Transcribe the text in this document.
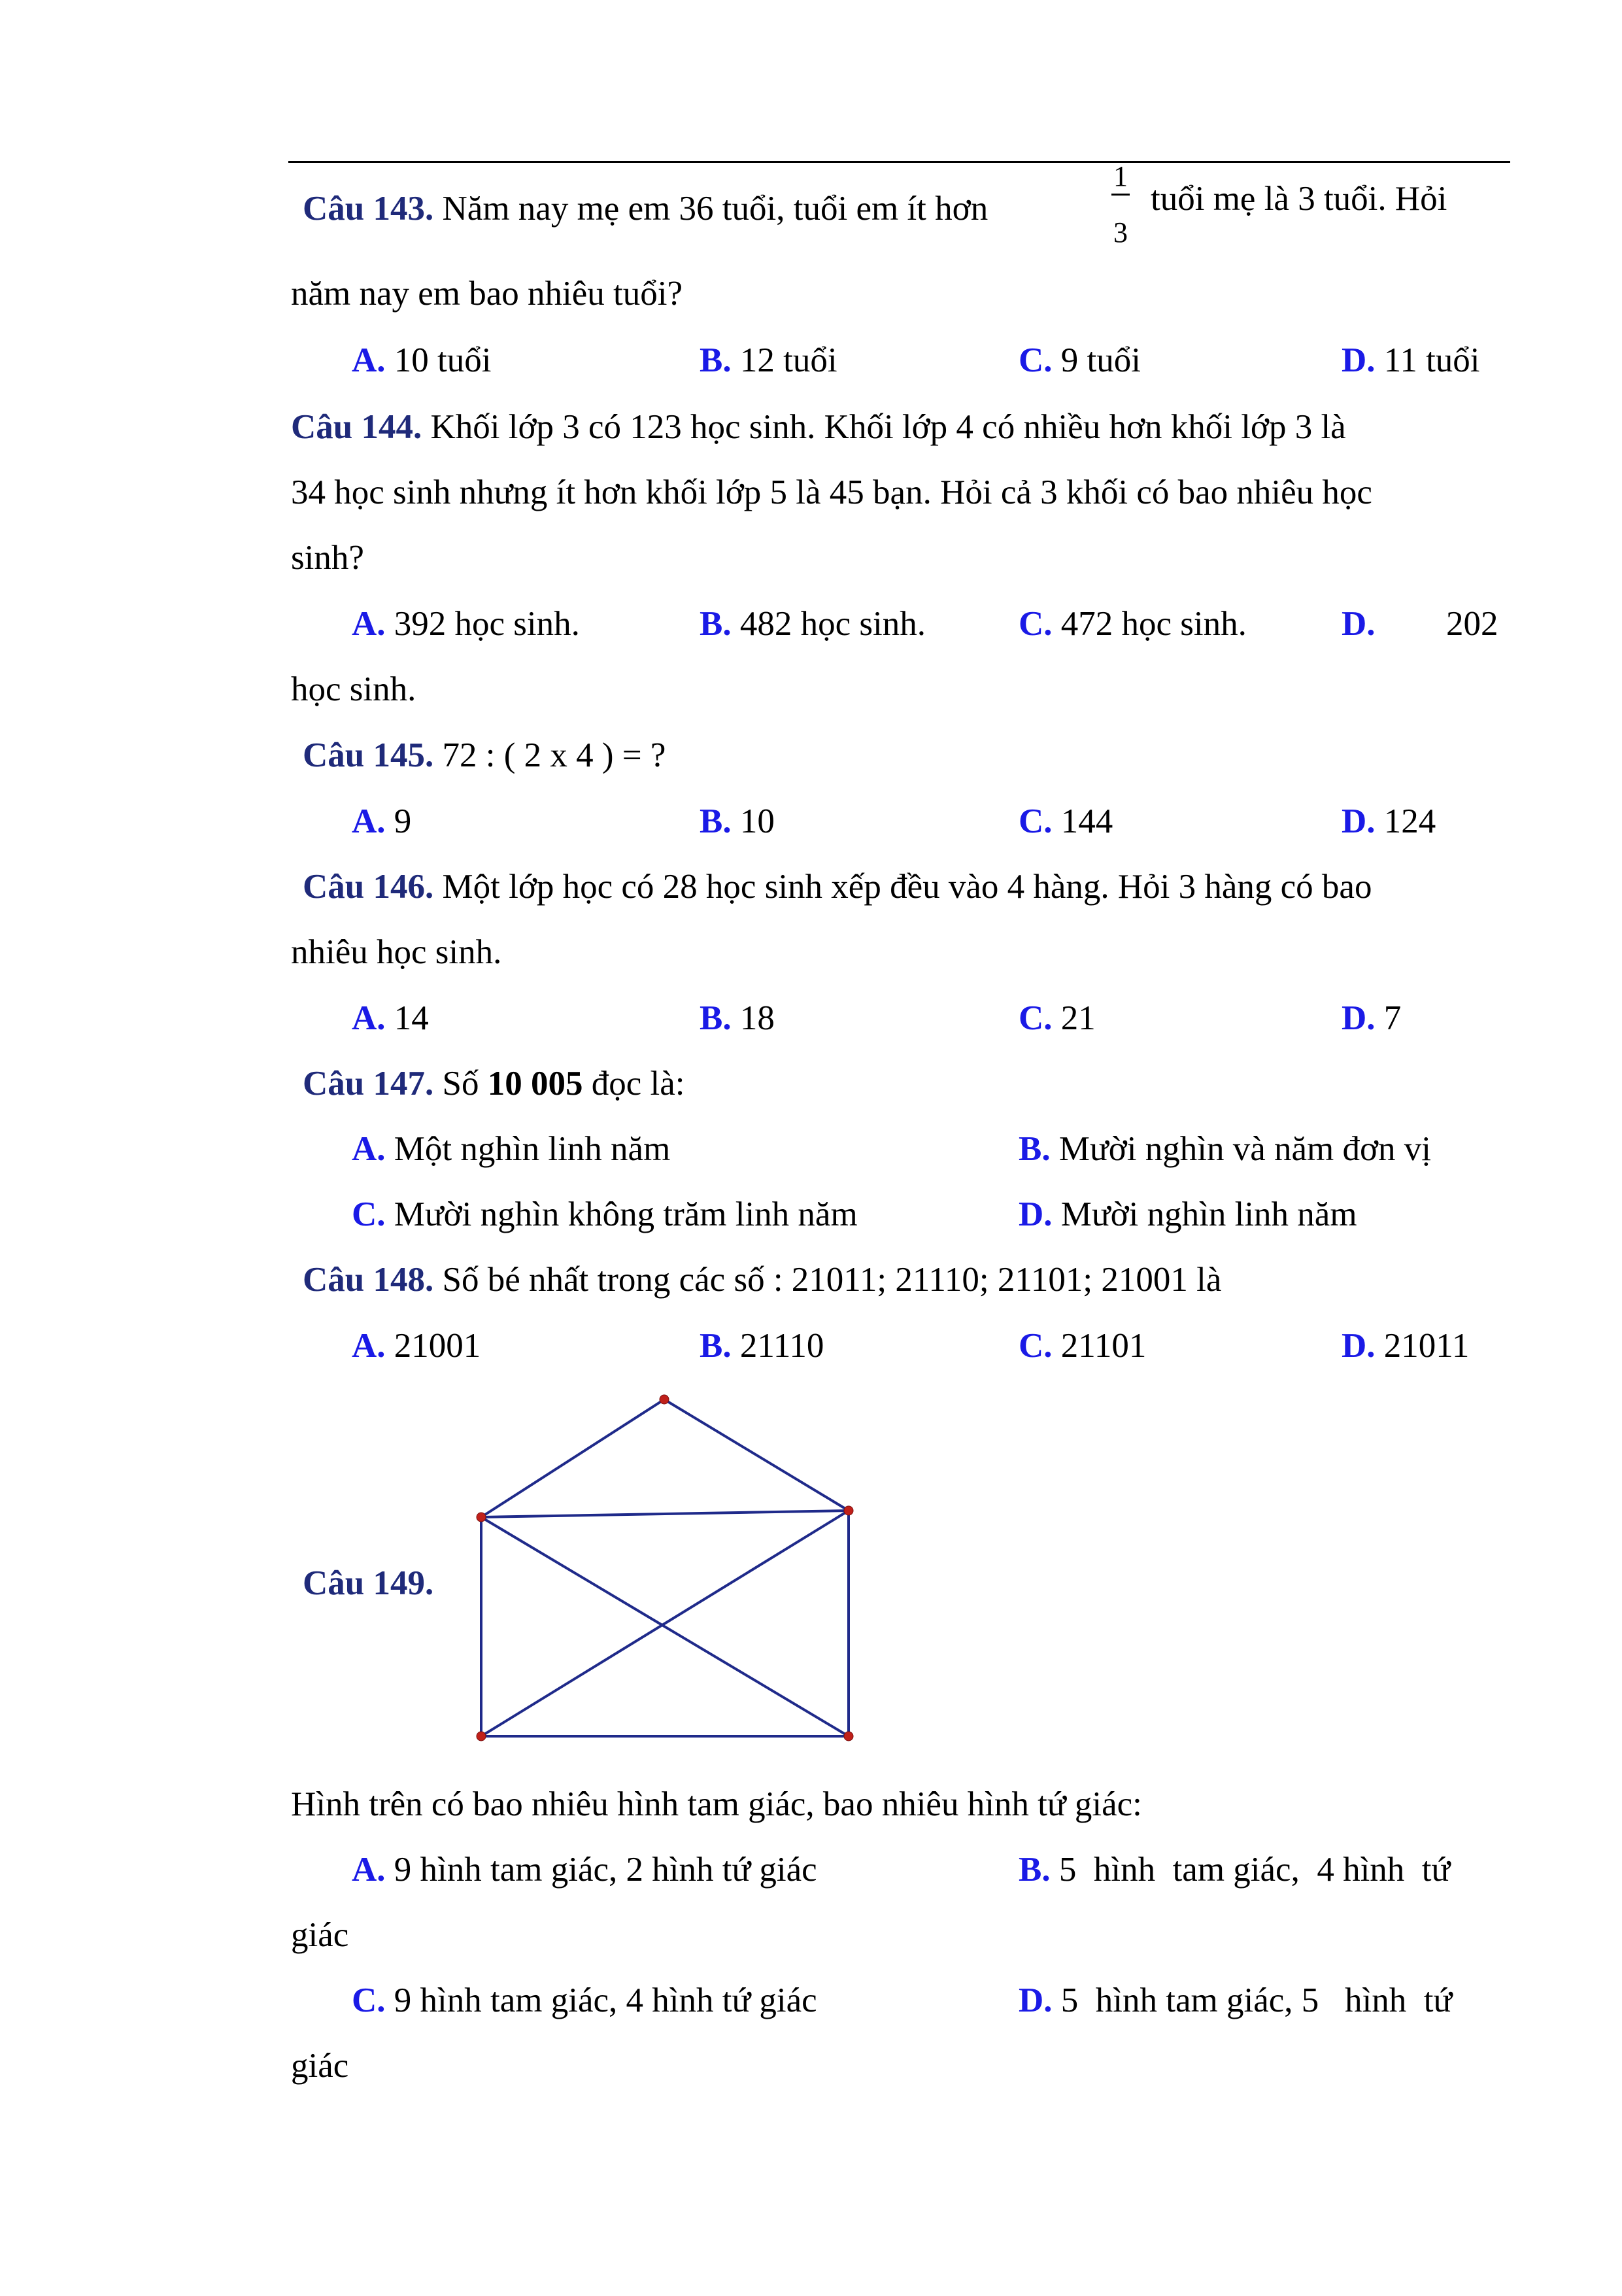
Câu 143. Năm nay mẹ em 36 tuổi, tuổi em ít hơn
1
3
tuổi mẹ là 3 tuổi. Hỏi
năm nay em bao nhiêu tuổi?
A. 10 tuổi	B. 12 tuổi	C. 9 tuổi	D. 11 tuổi
Câu 144. Khối lớp 3 có 123 học sinh. Khối lớp 4 có nhiều hơn khối lớp 3 là
34 học sinh nhưng ít hơn khối lớp 5 là 45 bạn. Hỏi cả 3 khối có bao nhiêu học
sinh?
A. 392 học sinh.	B. 482 học sinh.	C. 472 học sinh.	D. 202
học sinh.
Câu 145. 72 : ( 2 x 4 ) = ?
A. 9	B. 10	C. 144	D. 124
Câu 146. Một lớp học có 28 học sinh xếp đều vào 4 hàng. Hỏi 3 hàng có bao
nhiêu học sinh.
A. 14	B. 18	C. 21	D. 7
Câu 147. Số 10 005 đọc là:
A. Một nghìn linh năm	B. Mười nghìn và năm đơn vị
C. Mười nghìn không trăm linh năm	D. Mười nghìn linh năm
Câu 148. Số bé nhất trong các số : 21011; 21110; 21101; 21001 là
A. 21001	B. 21110	C. 21101	D. 21011
Câu 149.
Hình trên có bao nhiêu hình tam giác, bao nhiêu hình tứ giác:
A. 9 hình tam giác, 2 hình tứ giác	B. 5  hình  tam giác,  4 hình  tứ
giác
C. 9 hình tam giác, 4 hình tứ giác	D. 5  hình tam giác, 5   hình  tứ
giác
